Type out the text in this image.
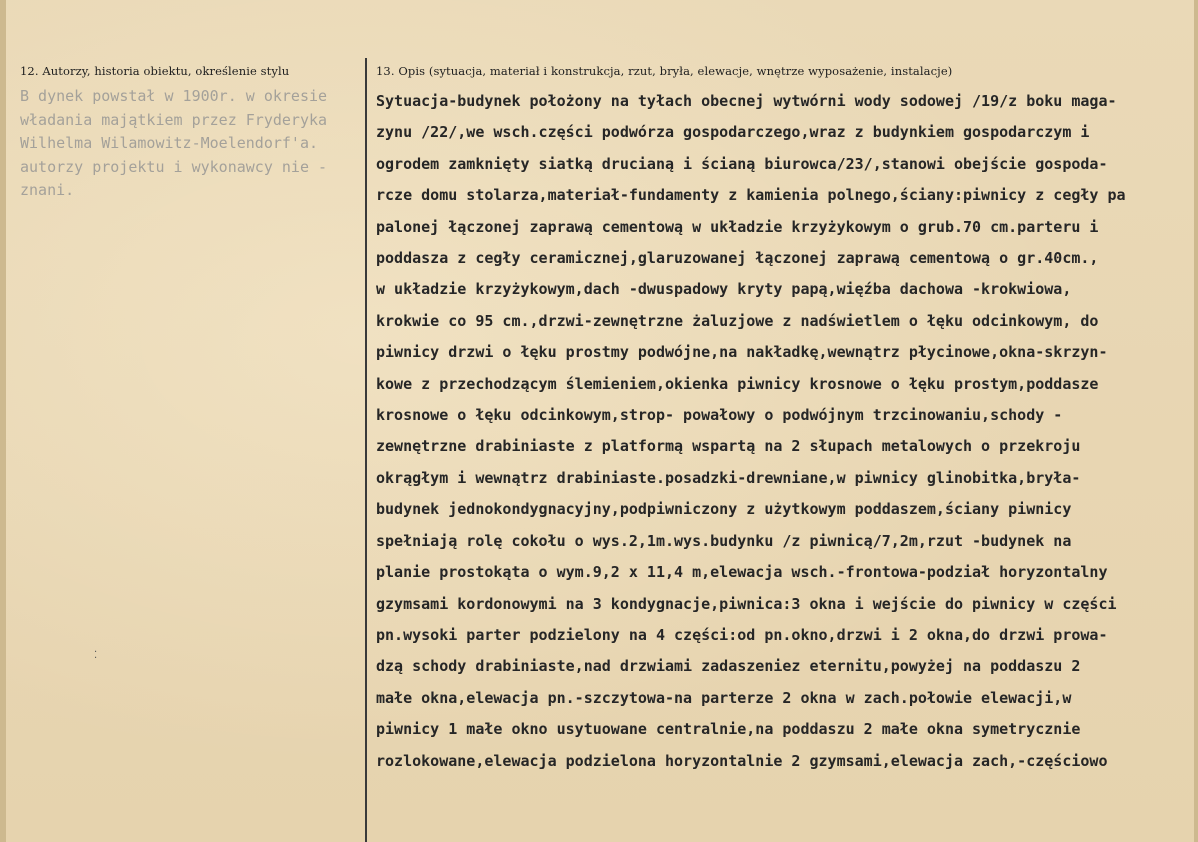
12. Autorzy, historia obiektu, określenie stylu	13. Opis (sytuacja, materiał i konstrukcja, rzut, bryła, elewacje, wnętrze wyposażenie, instalacje)
B dynek powstał w 1900r. w okresie
władania majątkiem przez Fryderyka
Wilhelma Wilamowitz-Moelendorf'a.
autorzy projektu i wykonawcy nie -
znani.
Sytuacja-budynek położony na tyłach obecnej wytwórni wody sodowej /19/z boku maga-
zynu /22/,we wsch.części podwórza gospodarczego,wraz z budynkiem gospodarczym i
ogrodem zamknięty siatką drucianą i ścianą biurowca/23/,stanowi obejście gospoda-
rcze domu stolarza,materiał-fundamenty z kamienia polnego,ściany:piwnicy z cegły pa
palonej łączonej zaprawą cementową w układzie krzyżykowym o grub.70 cm.parteru i
poddasza z cegły ceramicznej,glaruzowanej łączonej zaprawą cementową o gr.40cm.,
w układzie krzyżykowym,dach -dwuspadowy kryty papą,więźba dachowa -krokwiowa,
krokwie co 95 cm.,drzwi-zewnętrzne żaluzjowe z nadświetlem o łęku odcinkowym, do
piwnicy drzwi o łęku prostmy podwójne,na nakładkę,wewnątrz płycinowe,okna-skrzyn-
kowe z przechodzącym ślemieniem,okienka piwnicy krosnowe o łęku prostym,poddasze
krosnowe o łęku odcinkowym,strop- powałowy o podwójnym trzcinowaniu,schody -
zewnętrzne drabiniaste z platformą wspartą na 2 słupach metalowych o przekroju
okrągłym i wewnątrz drabiniaste.posadzki-drewniane,w piwnicy glinobitka,bryła-
budynek jednokondygnacyjny,podpiwniczony z użytkowym poddaszem,ściany piwnicy
spełniają rolę cokołu o wys.2,1m.wys.budynku /z piwnicą/7,2m,rzut -budynek na
planie prostokąta o wym.9,2 x 11,4 m,elewacja wsch.-frontowa-podział horyzontalny
gzymsami kordonowymi na 3 kondygnacje,piwnica:3 okna i wejście do piwnicy w części
pn.wysoki parter podzielony na 4 części:od pn.okno,drzwi i 2 okna,do drzwi prowa-
dzą schody drabiniaste,nad drzwiami zadaszeniez eternitu,powyżej na poddaszu 2
małe okna,elewacja pn.-szczytowa-na parterze 2 okna w zach.połowie elewacji,w
piwnicy 1 małe okno usytuowane centralnie,na poddaszu 2 małe okna symetrycznie
rozlokowane,elewacja podzielona horyzontalnie 2 gzymsami,elewacja zach,-częściowo
⁚
